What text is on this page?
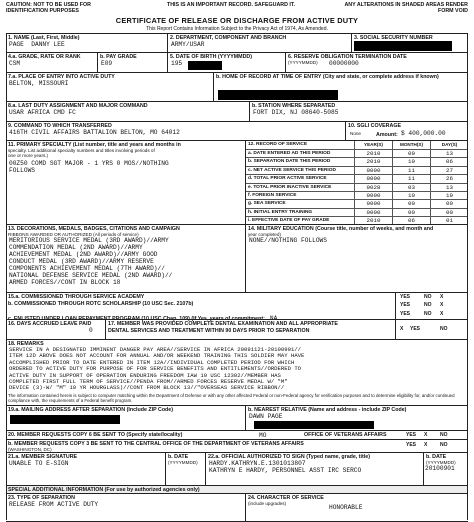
CAUTION: NOT TO BE USED FOR IDENTIFICATION PURPOSES
THIS IS AN IMPORTANT RECORD. SAFEGUARD IT.	ANY ALTERATIONS IN SHADED AREAS RENDER FORM VOID
CERTIFICATE OF RELEASE OR DISCHARGE FROM ACTIVE DUTY
This Report Contains Information Subject to the Privacy Act of 1974, As Amended.
1. NAME (Last, First, Middle)
PAGE  DANNY LEE
2. DEPARTMENT, COMPONENT AND BRANCH
ARMY/USAR
3. SOCIAL SECURITY NUMBER
4.a. GRADE, RATE OR RANK
CSM
b. PAY GRADE
E09
5. DATE OF BIRTH (YYYYMMDD)
195
6. RESERVE OBLIGATION TERMINATION DATE
(YYYYMMDD)	00000000
7.a. PLACE OF ENTRY INTO ACTIVE DUTY
BELTON, MISSOURI
b. HOME OF RECORD AT TIME OF ENTRY (City and state, or complete address if known)
8.a. LAST DUTY ASSIGNMENT AND MAJOR COMMAND
USAR AFRICA CMD FC
b. STATION WHERE SEPARATED
FORT DIX, NJ 08640-5085
9. COMMAND TO WHICH TRANSFERRED
416TH CIVIL AFFAIRS BATTALION BELTON, MO 64012
10. SGLI COVERAGE
None	Amount: $ 400,000.00
11. PRIMARY SPECIALTY (List number, title and years and months in
specialty. List additional specialty numbers and titles involving periods of
one or more years.)
00Z50 COMD SGT MAJOR - 1 YRS 0 MOS//NOTHING
FOLLOWS
12. RECORD OF SERVICE	YEAR(S)	MONTH(S)	DAY(S)
a. DATE ENTERED AD THIS PERIOD	2010	09	13
b. SEPARATION DATE THIS PERIOD	2010	10	06
c. NET ACTIVE SERVICE THIS PERIOD	0000	11	27
d. TOTAL PRIOR ACTIVE SERVICE	0000	11	26
e. TOTAL PRIOR INACTIVE SERVICE	0028	03	13
f. FOREIGN SERVICE	0000	10	19
g. SEA SERVICE	0000	00	00
h. INITIAL ENTRY TRAINING	0000	00	00
i. EFFECTIVE DATE OF PAY GRADE	2010	06	01
13. DECORATIONS, MEDALS, BADGES, CITATIONS AND CAMPAIGN
RIBBONS AWARDED OR AUTHORIZED (All periods of service)
MERITORIOUS SERVICE MEDAL (3RD AWARD)//ARMY
COMMENDATION MEDAL (2ND AWARD)//ARMY
ACHIEVEMENT MEDAL (2ND AWARD)//ARMY GOOD
CONDUCT MEDAL (3RD AWARD)//ARMY RESERVE
COMPONENTS ACHIEVEMENT MEDAL (7TH AWARD)//
NATIONAL DEFENSE SERVICE MEDAL (2ND AWARD)//
ARMED FORCES//CONT IN BLOCK 18
14. MILITARY EDUCATION (Course title, number of weeks, and month and
year completed)
NONE//NOTHING FOLLOWS
15.a. COMMISSIONED THROUGH SERVICE ACADEMY
b. COMMISSIONED THROUGH ROTC SCHOLARSHIP (10 USC Sec. 2107b)
c. ENLISTED UNDER LOAN REPAYMENT PROGRAM (10 USC Chap. 109) (If Yes, years of commitment: NA
YES	NO X
YES	NO X
YES	NO X
16. DAYS ACCRUED LEAVE PAID
0
17. MEMBER WAS PROVIDED COMPLETE DENTAL EXAMINATION AND ALL APPROPRIATE
DENTAL SERVICES AND TREATMENT WITHIN 90 DAYS PRIOR TO SEPARATION	X YES	NO
18. REMARKS
SERVICE IN A DESIGNATED IMMINENT DANGER PAY AREA//SERVICE IN AFRICA 20091121-20100901//
ITEM 12D ABOVE DOES NOT ACCOUNT FOR ANNUAL AND/OR WEEKEND TRAINING THIS SOLDIER MAY HAVE
ACCOMPLISHED PRIOR TO DATE ENTERED IN ITEM 12A//INDIVIDUAL COMPLETED PERIOD FOR WHICH
ORDERED TO ACTIVE DUTY FOR PURPOSE OF FOR SERVICE BENEFITS AND ENTITLEMENTS//ORDERED TO
ACTIVE DUTY IN SUPPORT OF OPERATION ENDURING FREEDOM IAW 10 USC 12302//MEMBER HAS
COMPLETED FIRST FULL TERM OF SERVICE//PENDA FROM//ARMED FORCES RESERVE MEDAL W/ "M"
DEVICE (3)-W/ "M" 10 YR HOURGLASS)//CONT FROM BLOCK 13//"OVERSEAS SERVICE RIBBON//
The information contained herein is subject to computer matching within the Department of Defense or with any other affected Federal or non-Federal agency for verification purposes and to determine eligibility for, and/or continued compliance with, the requirements of a Federal benefit program.
19.a. MAILING ADDRESS AFTER SEPARATION (Include ZIP Code)	b. NEAREST RELATIVE (Name and address - include ZIP Code)
DAWN PAGE
20. MEMBER REQUESTS COPY 6 BE SENT TO (Specify state/locality)	MO	OFFICE OF VETERANS AFFAIRS	YES X	NO
b. MEMBER REQUESTS COPY 3 BE SENT TO THE CENTRAL OFFICE OF THE DEPARTMENT OF VETERANS AFFAIRS
(WASHINGTON, DC)
YES X	NO
21.a. MEMBER SIGNATURE
UNABLE TO E-SIGN
b. DATE
(YYYYMMDD)
22.a. OFFICIAL AUTHORIZED TO SIGN (Typed name, grade, title)
HARDY.KATHRYN.E.1301013807
KATHRYN E HARDY, PERSONNEL ASST IRC SERCO
b. DATE
(YYYYMMDD)
20100901
SPECIAL ADDITIONAL INFORMATION (For use by authorized agencies only)
23. TYPE OF SEPARATION
RELEASE FROM ACTIVE DUTY
24. CHARACTER OF SERVICE
(include upgrades)
HONORABLE
